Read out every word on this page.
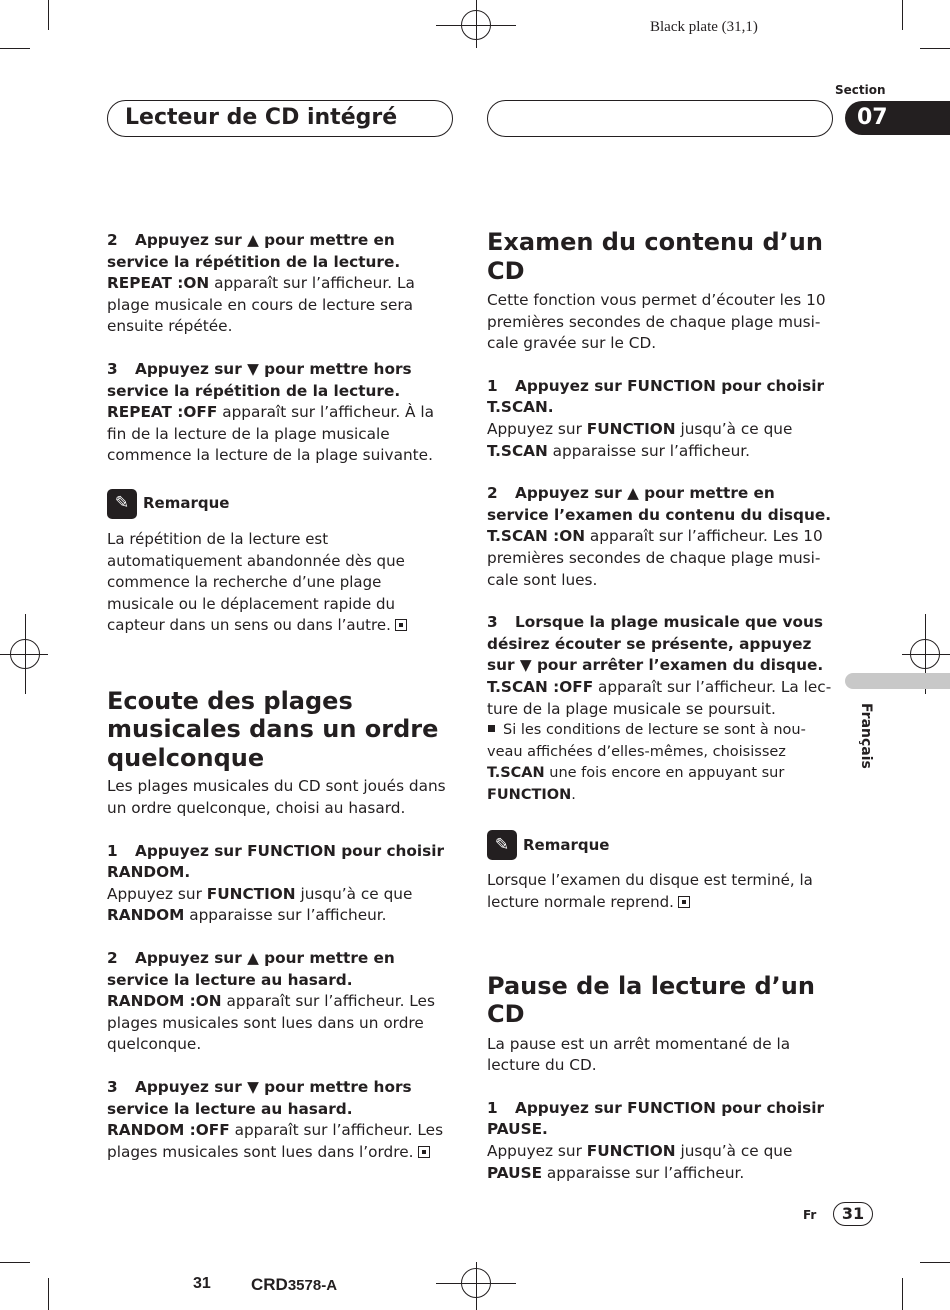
Black plate (31,1)
Lecteur de CD intégré
Section
07

2 Appuyez sur ▲ pour mettre en service la répétition de la lecture.

REPEAT :ON apparaît sur l’afficheur. La plage musicale en cours de lecture sera ensuite répétée.

3 Appuyez sur ▼ pour mettre hors service la répétition de la lecture.

REPEAT :OFF apparaît sur l’afficheur. À la fin de la lecture de la plage musicale commence la lecture de la plage suivante.

✎ Remarque

La répétition de la lecture est automatiquement abandonnée dès que commence la recherche d’une plage musicale ou le déplacement rapide du capteur dans un sens ou dans l’autre.

Ecoute des plages musicales dans un ordre quelconque

Les plages musicales du CD sont joués dans un ordre quelconque, choisi au hasard.

1 Appuyez sur FUNCTION pour choisir RANDOM.

Appuyez sur FUNCTION jusqu’à ce que RANDOM apparaisse sur l’afficheur.

2 Appuyez sur ▲ pour mettre en service la lecture au hasard.

RANDOM :ON apparaît sur l’afficheur. Les plages musicales sont lues dans un ordre quelconque.

3 Appuyez sur ▼ pour mettre hors service la lecture au hasard.

RANDOM :OFF apparaît sur l’afficheur. Les plages musicales sont lues dans l’ordre.

Examen du contenu d’un CD

Cette fonction vous permet d’écouter les 10 premières secondes de chaque plage musicale gravée sur le CD.

1 Appuyez sur FUNCTION pour choisir T.SCAN.

Appuyez sur FUNCTION jusqu’à ce que T.SCAN apparaisse sur l’afficheur.

2 Appuyez sur ▲ pour mettre en service l’examen du contenu du disque.

T.SCAN :ON apparaît sur l’afficheur. Les 10 premières secondes de chaque plage musicale sont lues.

3 Lorsque la plage musicale que vous désirez écouter se présente, appuyez sur ▼ pour arrêter l’examen du disque.

T.SCAN :OFF apparaît sur l’afficheur. La lecture de la plage musicale se poursuit.

Si les conditions de lecture se sont à nouveau affichées d’elles-mêmes, choisissez T.SCAN une fois encore en appuyant sur FUNCTION.

✎ Remarque

Lorsque l’examen du disque est terminé, la lecture normale reprend.

Pause de la lecture d’un CD

La pause est un arrêt momentané de la lecture du CD.

1 Appuyez sur FUNCTION pour choisir PAUSE.

Appuyez sur FUNCTION jusqu’à ce que PAUSE apparaisse sur l’afficheur.

Français
Fr	31
31 CRD3578-A
